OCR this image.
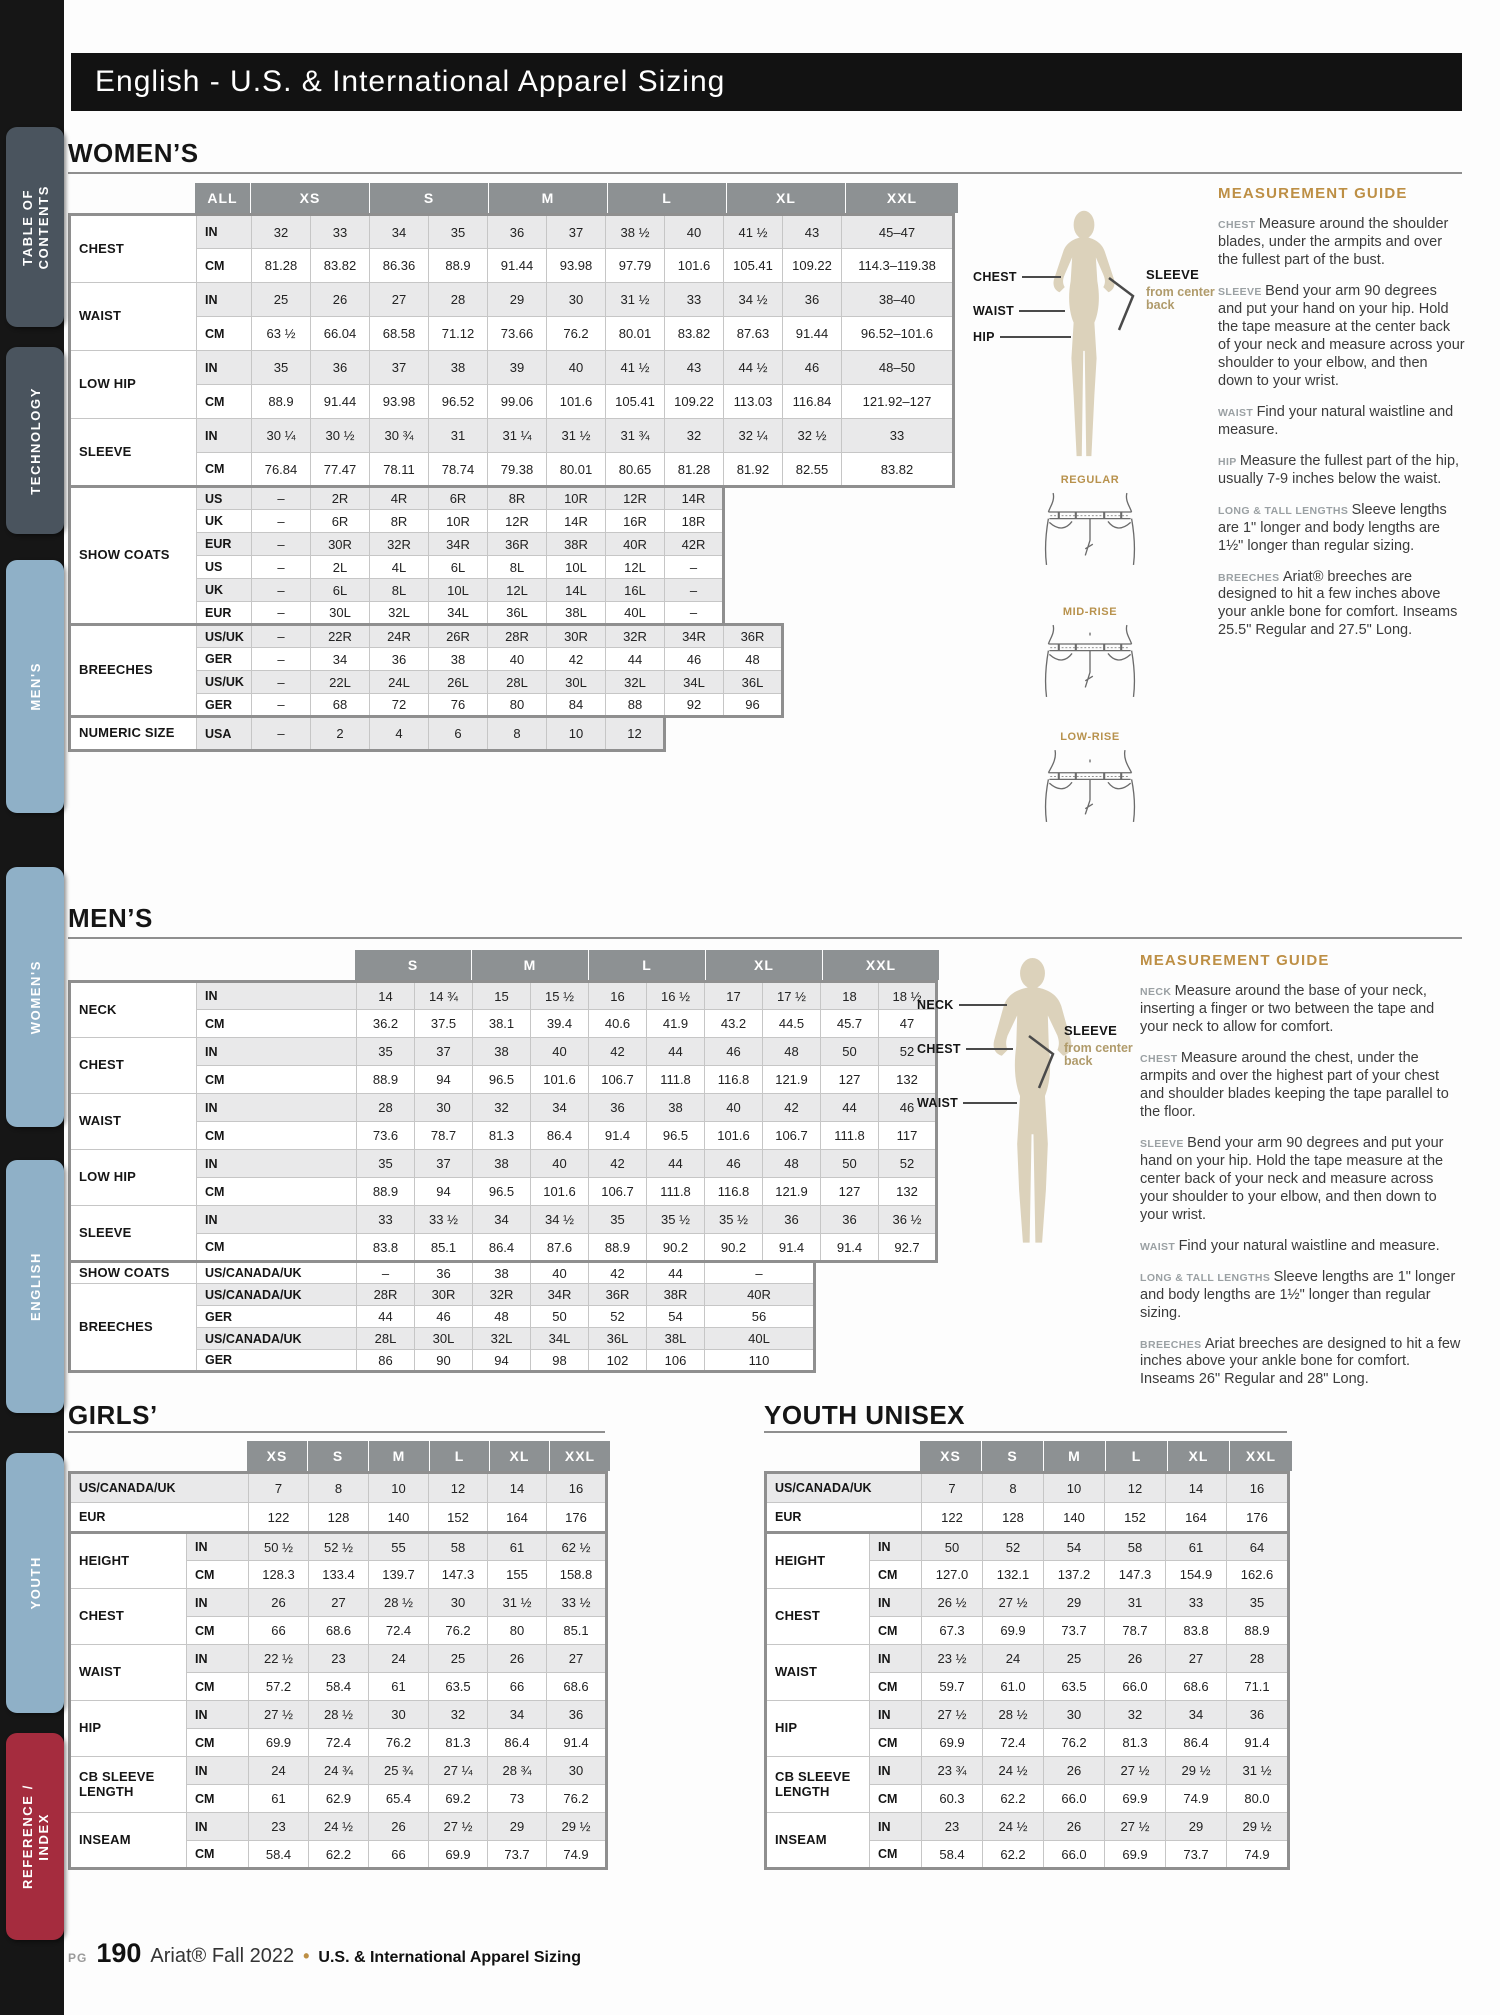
TABLE OF CONTENTS
TECHNOLOGY
MEN'S
WOMEN'S
ENGLISH
YOUTH
REFERENCE / INDEX
English - U.S. & International Apparel Sizing
WOMEN’S
ALL	XS	S	M	L	XL	XXL
CHEST	IN	32	33	34	35	36	37	38 ½	40	41 ½	43	45–47
	CM	81.28	83.82	86.36	88.9	91.44	93.98	97.79	101.6	105.41	109.22	114.3–119.38
WAIST	IN	25	26	27	28	29	30	31 ½	33	34 ½	36	38–40
	CM	63 ½	66.04	68.58	71.12	73.66	76.2	80.01	83.82	87.63	91.44	96.52–101.6
LOW HIP	IN	35	36	37	38	39	40	41 ½	43	44 ½	46	48–50
	CM	88.9	91.44	93.98	96.52	99.06	101.6	105.41	109.22	113.03	116.84	121.92–127
SLEEVE	IN	30 ¼	30 ½	30 ¾	31	31 ¼	31 ½	31 ¾	32	32 ¼	32 ½	33
	CM	76.84	77.47	78.11	78.74	79.38	80.01	80.65	81.28	81.92	82.55	83.82
SHOW COATS	US	–	2R	4R	6R	8R	10R	12R	14R
	UK	–	6R	8R	10R	12R	14R	16R	18R
	EUR	–	30R	32R	34R	36R	38R	40R	42R
	US	–	2L	4L	6L	8L	10L	12L	–
	UK	–	6L	8L	10L	12L	14L	16L	–
	EUR	–	30L	32L	34L	36L	38L	40L	–
BREECHES	US/UK	–	22R	24R	26R	28R	30R	32R	34R	36R
	GER	–	34	36	38	40	42	44	46	48
	US/UK	–	22L	24L	26L	28L	30L	32L	34L	36L
	GER	–	68	72	76	80	84	88	92	96
NUMERIC SIZE	USA	–	2	4	6	8	10	12
CHEST
WAIST
HIP
SLEEVE
from center back
REGULAR
MID-RISE
LOW-RISE
MEASUREMENT GUIDE

CHEST Measure around the shoulder blades, under the armpits and over the fullest part of the bust.

SLEEVE Bend your arm 90 degrees and put your hand on your hip. Hold the tape measure at the center back of your neck and measure across your shoulder to your elbow, and then down to your wrist.

WAIST Find your natural waistline and measure.

HIP Measure the fullest part of the hip, usually 7-9 inches below the waist.

LONG & TALL LENGTHS Sleeve lengths are 1" longer and body lengths are 1½" longer than regular sizing.

BREECHES Ariat® breeches are designed to hit a few inches above your ankle bone for comfort. Inseams 25.5" Regular and 27.5" Long.

MEN’S
S	M	L	XL	XXL
NECK	IN	14	14 ¾	15	15 ½	16	16 ½	17	17 ½	18	18 ½
	CM	36.2	37.5	38.1	39.4	40.6	41.9	43.2	44.5	45.7	47
CHEST	IN	35	37	38	40	42	44	46	48	50	52
	CM	88.9	94	96.5	101.6	106.7	111.8	116.8	121.9	127	132
WAIST	IN	28	30	32	34	36	38	40	42	44	46
	CM	73.6	78.7	81.3	86.4	91.4	96.5	101.6	106.7	111.8	117
LOW HIP	IN	35	37	38	40	42	44	46	48	50	52
	CM	88.9	94	96.5	101.6	106.7	111.8	116.8	121.9	127	132
SLEEVE	IN	33	33 ½	34	34 ½	35	35 ½	35 ½	36	36	36 ½
	CM	83.8	85.1	86.4	87.6	88.9	90.2	90.2	91.4	91.4	92.7
SHOW COATS	US/CANADA/UK	–	36	38	40	42	44	–
BREECHES	US/CANADA/UK	28R	30R	32R	34R	36R	38R	40R
	GER	44	46	48	50	52	54	56
	US/CANADA/UK	28L	30L	32L	34L	36L	38L	40L
	GER	86	90	94	98	102	106	110
NECK
CHEST
WAIST
SLEEVE
from center back
MEASUREMENT GUIDE

NECK Measure around the base of your neck, inserting a finger or two between the tape and your neck to allow for comfort.

CHEST Measure around the chest, under the armpits and over the highest part of your chest and shoulder blades keeping the tape parallel to the floor.

SLEEVE Bend your arm 90 degrees and put your hand on your hip. Hold the tape measure at the center back of your neck and measure across your shoulder to your elbow, and then down to your wrist.

WAIST Find your natural waistline and measure.

LONG & TALL LENGTHS Sleeve lengths are 1" longer and body lengths are 1½" longer than regular sizing.

BREECHES Ariat breeches are designed to hit a few inches above your ankle bone for comfort. Inseams 26" Regular and 28" Long.

GIRLS’
XS	S	M	L	XL	XXL
US/CANADA/UK	7	8	10	12	14	16
EUR	122	128	140	152	164	176
HEIGHT	IN	50 ½	52 ½	55	58	61	62 ½
	CM	128.3	133.4	139.7	147.3	155	158.8
CHEST	IN	26	27	28 ½	30	31 ½	33 ½
	CM	66	68.6	72.4	76.2	80	85.1
WAIST	IN	22 ½	23	24	25	26	27
	CM	57.2	58.4	61	63.5	66	68.6
HIP	IN	27 ½	28 ½	30	32	34	36
	CM	69.9	72.4	76.2	81.3	86.4	91.4
CB SLEEVE LENGTH	IN	24	24 ¾	25 ¾	27 ¼	28 ¾	30
	CM	61	62.9	65.4	69.2	73	76.2
INSEAM	IN	23	24 ½	26	27 ½	29	29 ½
	CM	58.4	62.2	66	69.9	73.7	74.9
YOUTH UNISEX
XS	S	M	L	XL	XXL
US/CANADA/UK	7	8	10	12	14	16
EUR	122	128	140	152	164	176
HEIGHT	IN	50	52	54	58	61	64
	CM	127.0	132.1	137.2	147.3	154.9	162.6
CHEST	IN	26 ½	27 ½	29	31	33	35
	CM	67.3	69.9	73.7	78.7	83.8	88.9
WAIST	IN	23 ½	24	25	26	27	28
	CM	59.7	61.0	63.5	66.0	68.6	71.1
HIP	IN	27 ½	28 ½	30	32	34	36
	CM	69.9	72.4	76.2	81.3	86.4	91.4
CB SLEEVE LENGTH	IN	23 ¾	24 ½	26	27 ½	29 ½	31 ½
	CM	60.3	62.2	66.0	69.9	74.9	80.0
INSEAM	IN	23	24 ½	26	27 ½	29	29 ½
	CM	58.4	62.2	66.0	69.9	73.7	74.9
PG 190 Ariat® Fall 2022 • U.S. & International Apparel Sizing
